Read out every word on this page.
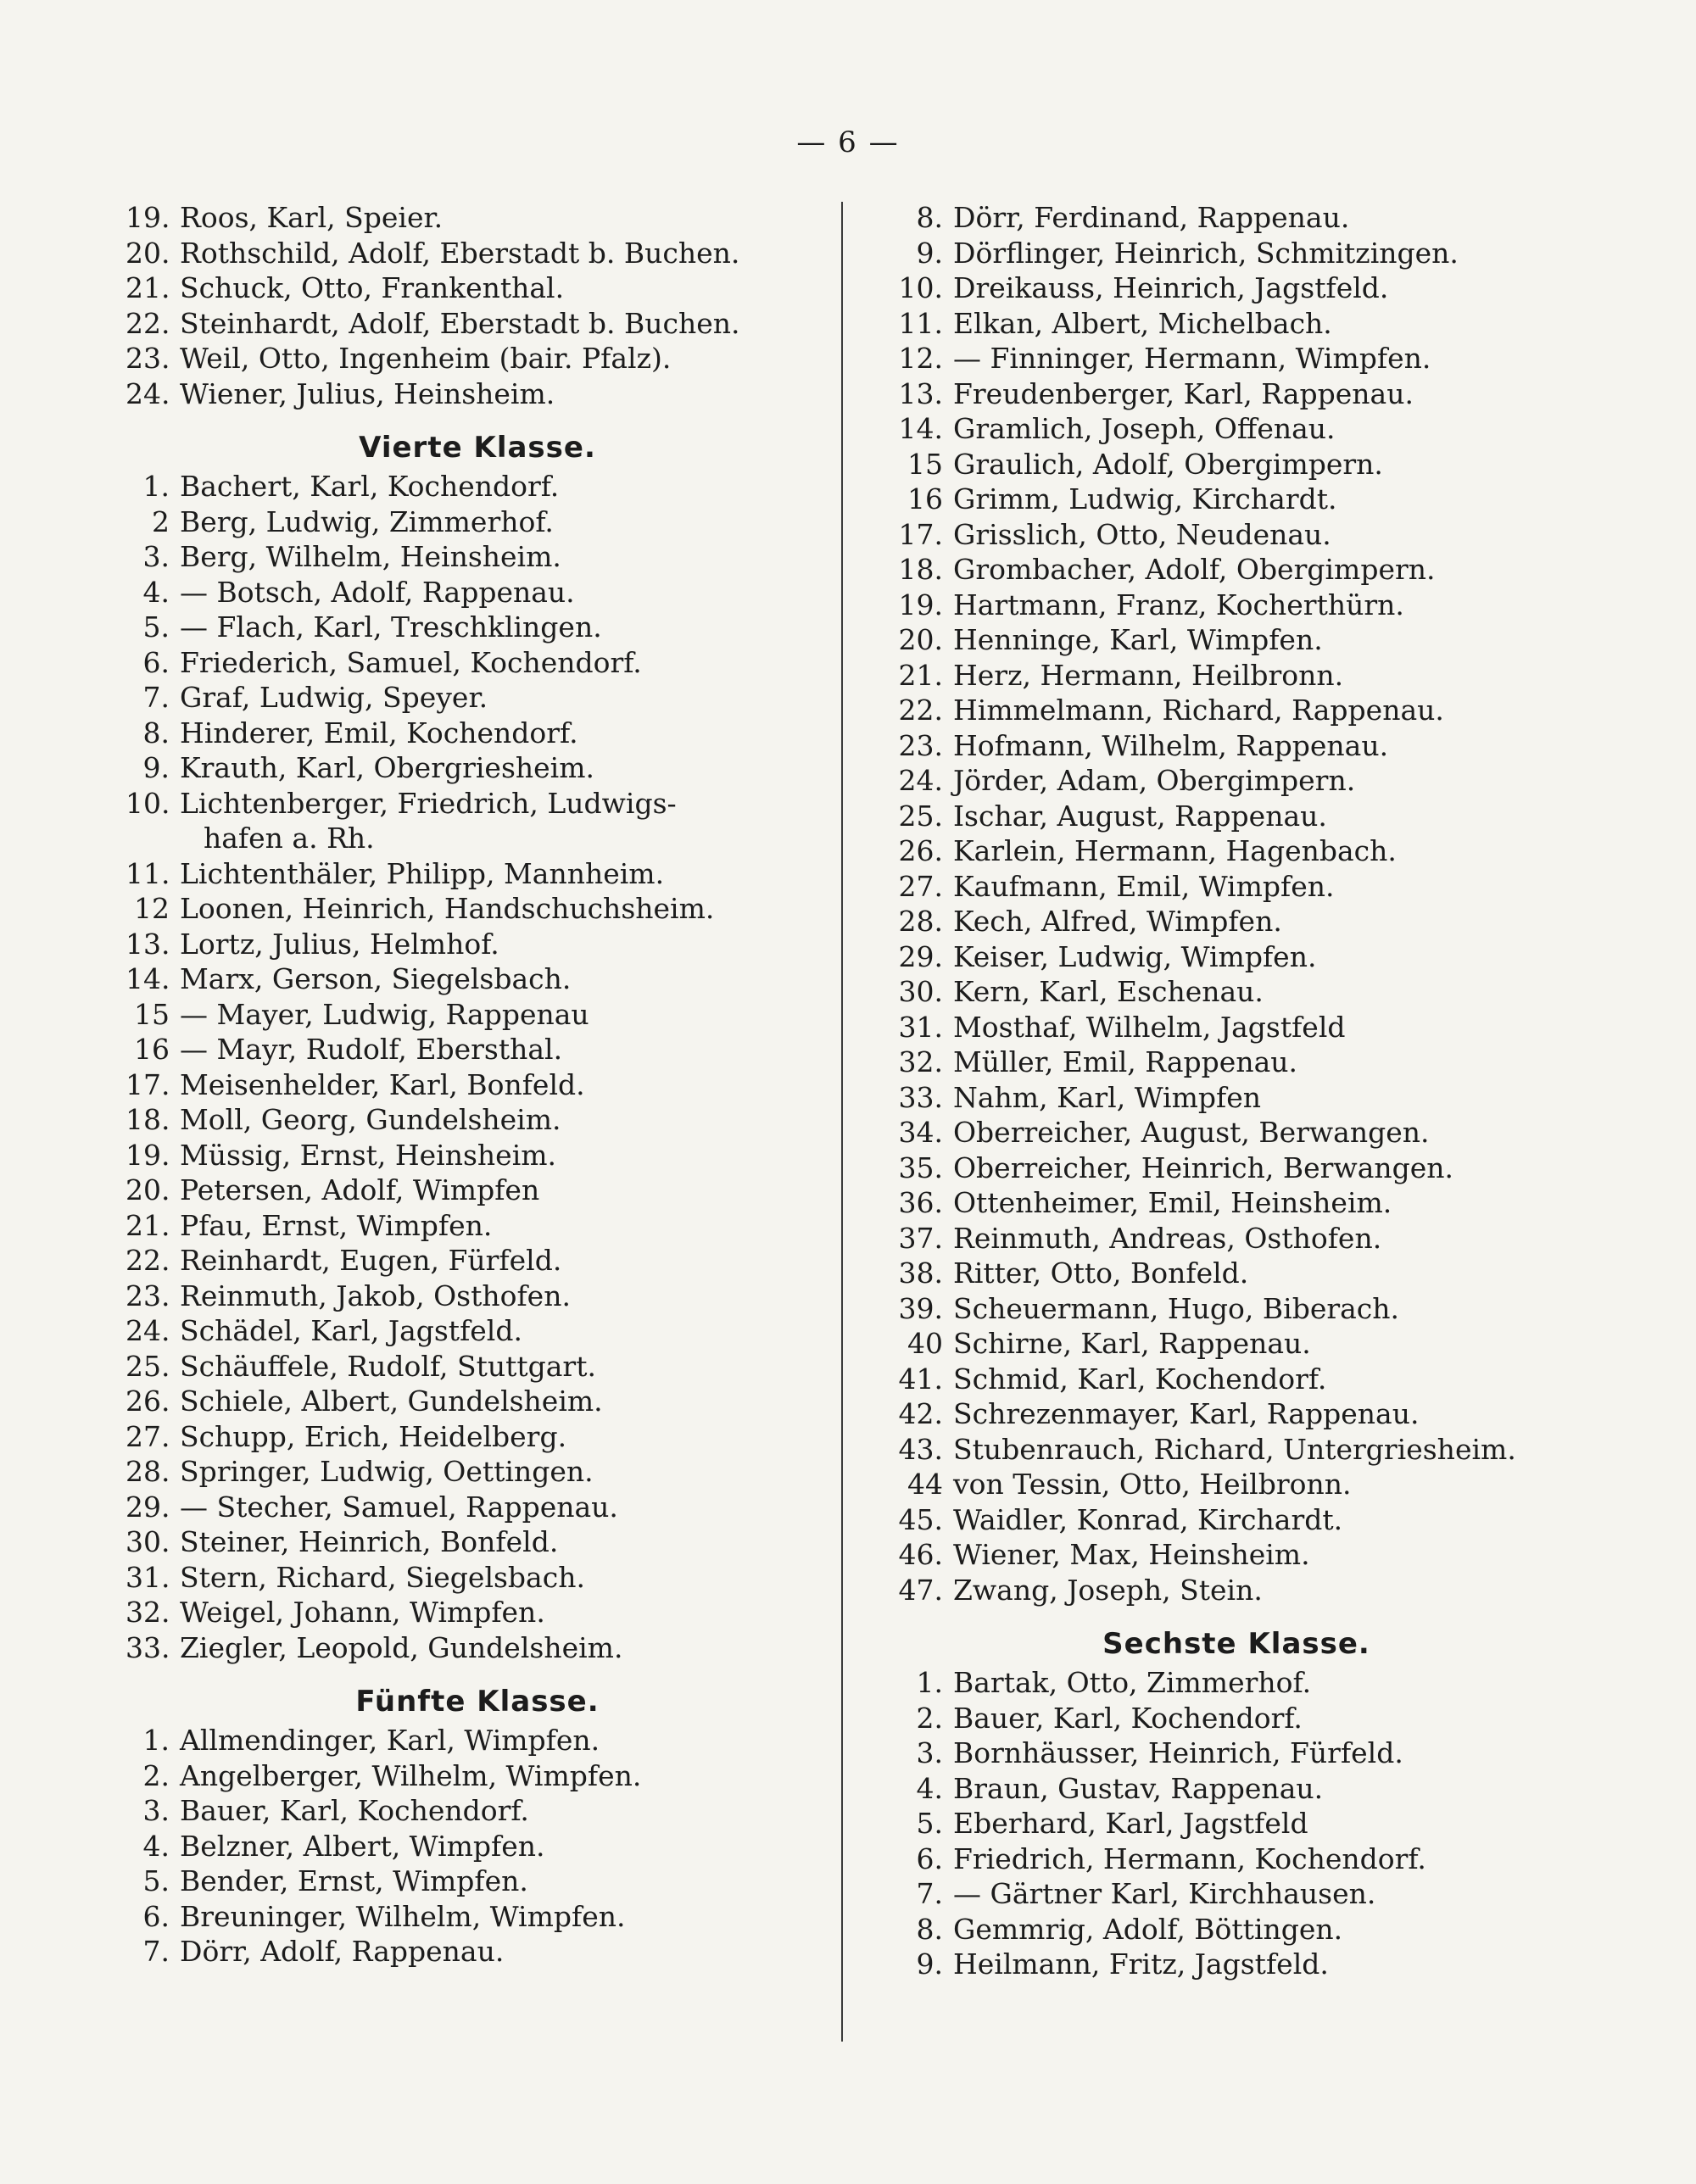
— 6 —
19. Roos, Karl, Speier.
20. Rothschild, Adolf, Eberstadt b. Buchen.
21. Schuck, Otto, Frankenthal.
22. Steinhardt, Adolf, Eberstadt b. Buchen.
23. Weil, Otto, Ingenheim (bair. Pfalz).
24. Wiener, Julius, Heinsheim.
Vierte Klasse.
1. Bachert, Karl, Kochendorf.
2 Berg, Ludwig, Zimmerhof.
3. Berg, Wilhelm, Heinsheim.
4. — Botsch, Adolf, Rappenau.
5. — Flach, Karl, Treschklingen.
6. Friederich, Samuel, Kochendorf.
7. Graf, Ludwig, Speyer.
8. Hinderer, Emil, Kochendorf.
9. Krauth, Karl, Obergriesheim.
10. Lichtenberger, Friedrich, Ludwigs-
hafen a. Rh.
11. Lichtenthäler, Philipp, Mannheim.
12 Loonen, Heinrich, Handschuchsheim.
13. Lortz, Julius, Helmhof.
14. Marx, Gerson, Siegelsbach.
15 — Mayer, Ludwig, Rappenau
16 — Mayr, Rudolf, Ebersthal.
17. Meisenhelder, Karl, Bonfeld.
18. Moll, Georg, Gundelsheim.
19. Müssig, Ernst, Heinsheim.
20. Petersen, Adolf, Wimpfen
21. Pfau, Ernst, Wimpfen.
22. Reinhardt, Eugen, Fürfeld.
23. Reinmuth, Jakob, Osthofen.
24. Schädel, Karl, Jagstfeld.
25. Schäuffele, Rudolf, Stuttgart.
26. Schiele, Albert, Gundelsheim.
27. Schupp, Erich, Heidelberg.
28. Springer, Ludwig, Oettingen.
29. — Stecher, Samuel, Rappenau.
30. Steiner, Heinrich, Bonfeld.
31. Stern, Richard, Siegelsbach.
32. Weigel, Johann, Wimpfen.
33. Ziegler, Leopold, Gundelsheim.
Fünfte Klasse.
1. Allmendinger, Karl, Wimpfen.
2. Angelberger, Wilhelm, Wimpfen.
3. Bauer, Karl, Kochendorf.
4. Belzner, Albert, Wimpfen.
5. Bender, Ernst, Wimpfen.
6. Breuninger, Wilhelm, Wimpfen.
7. Dörr, Adolf, Rappenau.
8. Dörr, Ferdinand, Rappenau.
9. Dörflinger, Heinrich, Schmitzingen.
10. Dreikauss, Heinrich, Jagstfeld.
11. Elkan, Albert, Michelbach.
12. — Finninger, Hermann, Wimpfen.
13. Freudenberger, Karl, Rappenau.
14. Gramlich, Joseph, Offenau.
15 Graulich, Adolf, Obergimpern.
16 Grimm, Ludwig, Kirchardt.
17. Grisslich, Otto, Neudenau.
18. Grombacher, Adolf, Obergimpern.
19. Hartmann, Franz, Kocherthürn.
20. Henninge, Karl, Wimpfen.
21. Herz, Hermann, Heilbronn.
22. Himmelmann, Richard, Rappenau.
23. Hofmann, Wilhelm, Rappenau.
24. Jörder, Adam, Obergimpern.
25. Ischar, August, Rappenau.
26. Karlein, Hermann, Hagenbach.
27. Kaufmann, Emil, Wimpfen.
28. Kech, Alfred, Wimpfen.
29. Keiser, Ludwig, Wimpfen.
30. Kern, Karl, Eschenau.
31. Mosthaf, Wilhelm, Jagstfeld
32. Müller, Emil, Rappenau.
33. Nahm, Karl, Wimpfen
34. Oberreicher, August, Berwangen.
35. Oberreicher, Heinrich, Berwangen.
36. Ottenheimer, Emil, Heinsheim.
37. Reinmuth, Andreas, Osthofen.
38. Ritter, Otto, Bonfeld.
39. Scheuermann, Hugo, Biberach.
40 Schirne, Karl, Rappenau.
41. Schmid, Karl, Kochendorf.
42. Schrezenmayer, Karl, Rappenau.
43. Stubenrauch, Richard, Untergriesheim.
44 von Tessin, Otto, Heilbronn.
45. Waidler, Konrad, Kirchardt.
46. Wiener, Max, Heinsheim.
47. Zwang, Joseph, Stein.
Sechste Klasse.
1. Bartak, Otto, Zimmerhof.
2. Bauer, Karl, Kochendorf.
3. Bornhäusser, Heinrich, Fürfeld.
4. Braun, Gustav, Rappenau.
5. Eberhard, Karl, Jagstfeld
6. Friedrich, Hermann, Kochendorf.
7. — Gärtner Karl, Kirchhausen.
8. Gemmrig, Adolf, Böttingen.
9. Heilmann, Fritz, Jagstfeld.
